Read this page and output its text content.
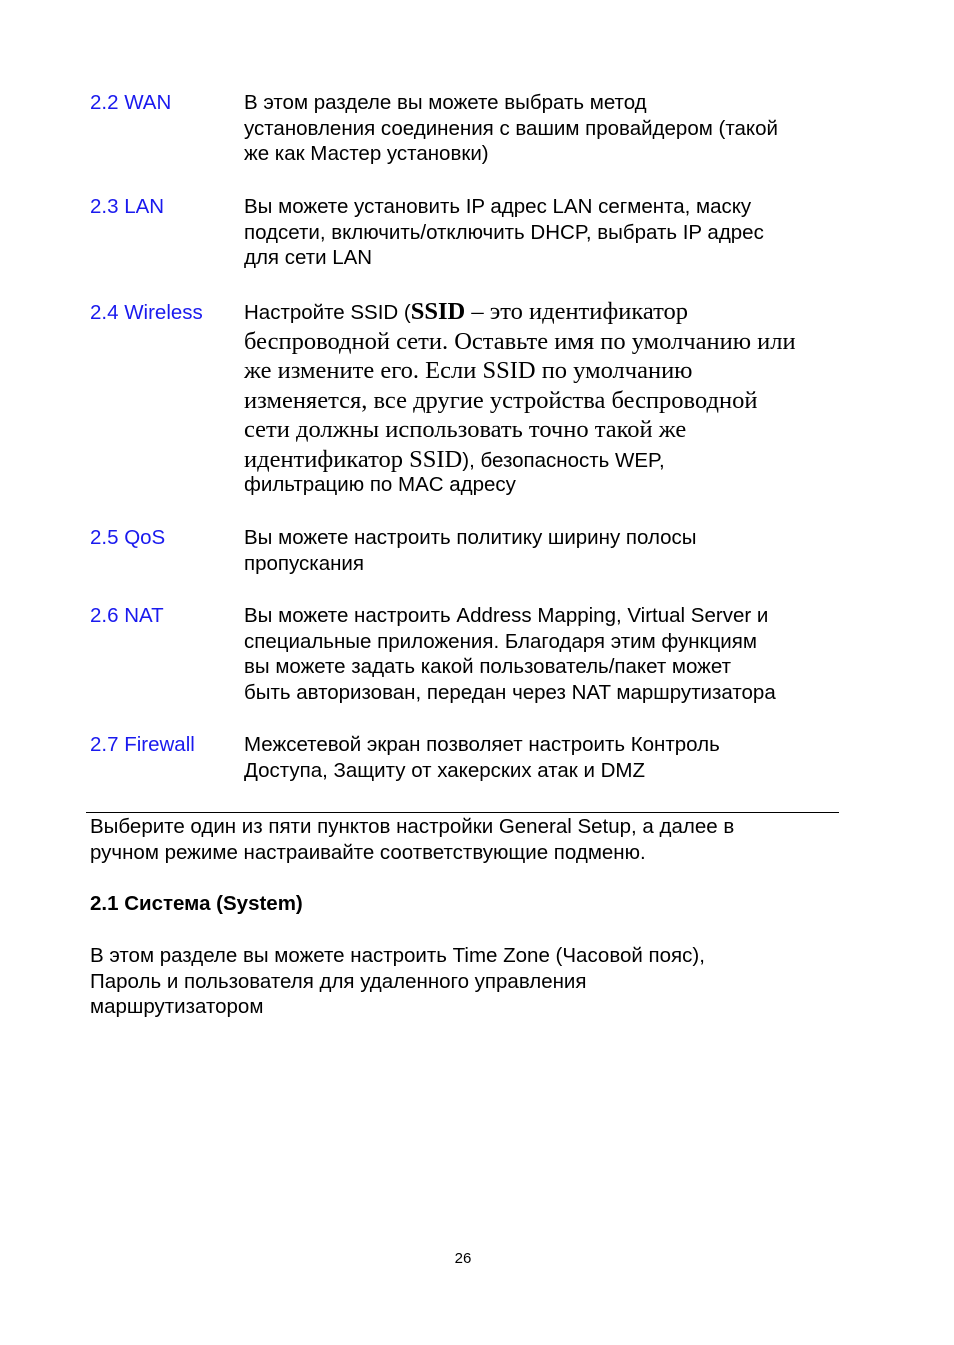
2.2 WAN	В этом разделе вы можете выбрать метод
установления соединения с вашим провайдером (такой
же как Мастер установки)
2.3 LAN	Вы можете установить IP адрес LAN сегмента, маску
подсети, включить/отключить DHCP, выбрать IP адрес
для сети LAN
2.4 Wireless Настройте SSID (SSID – это идентификатор
беспроводной сети. Оставьте имя по умолчанию или
же измените его. Если SSID по умолчанию
изменяется, все другие устройства беспроводной
сети должны использовать точно такой же
идентификатор SSID), безопасность WEP,
фильтрацию по MAC адресу
2.5 QoS	Вы можете настроить политику ширину полосы
пропускания
2.6 NAT	Вы можете настроить Address Mapping, Virtual Server и
специальные приложения. Благодаря этим функциям
вы можете задать какой пользователь/пакет может
быть авторизован, передан через NAT маршрутизатора
2.7 Firewall Межсетевой экран позволяет настроить Контроль
Доступа, Защиту от хакерских атак и DMZ
Выберите один из пяти пунктов настройки General Setup, а далее в
ручном режиме настраивайте соответствующие подменю.
2.1 Система (System)
В этом разделе вы можете настроить Time Zone (Часовой пояс),
Пароль и пользователя для удаленного управления
маршрутизатором
26
